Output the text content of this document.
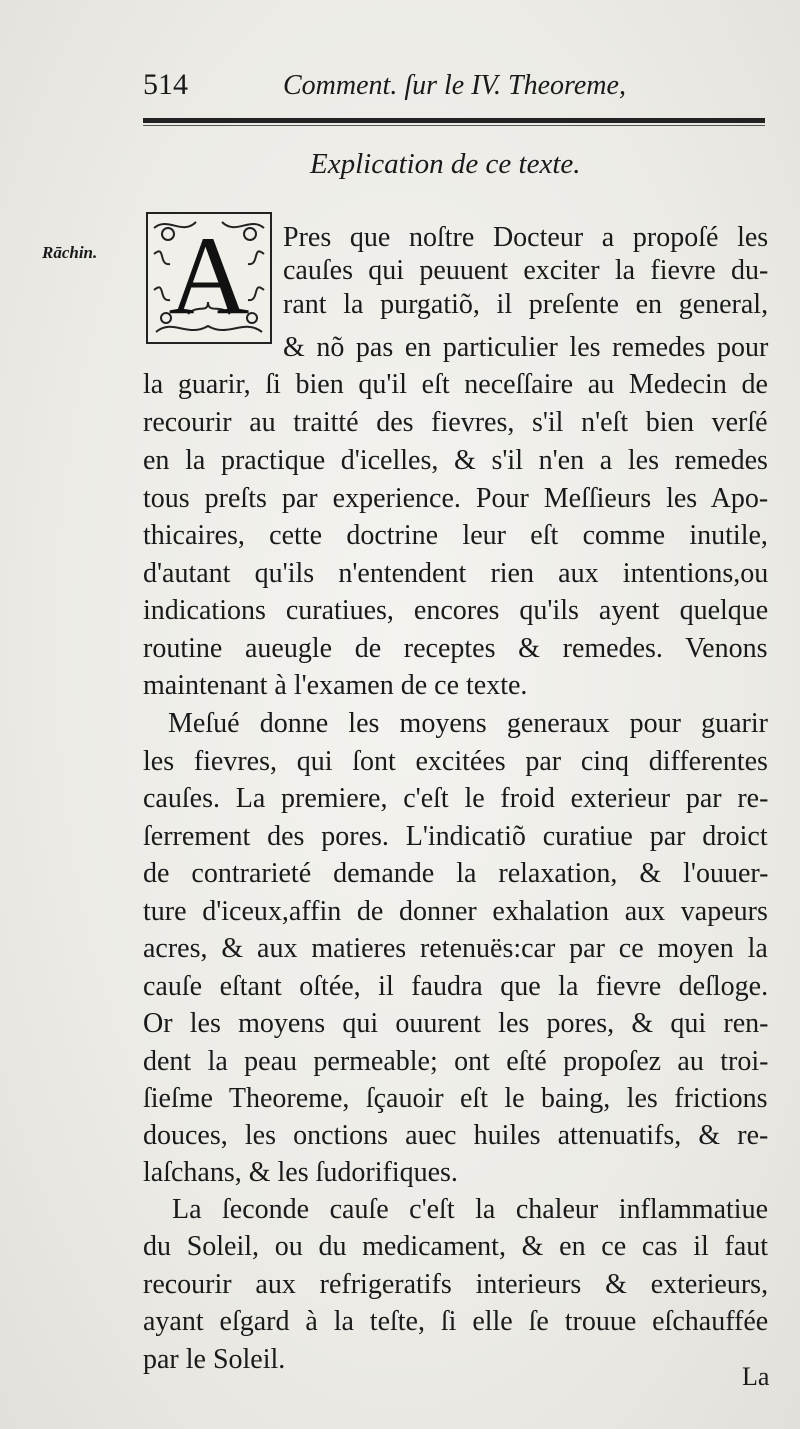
514	Comment. ſur le IV. Theoreme,
Explication de ce texte.
Rāchin. A	Pres que noſtre Docteur a propoſé les
cauſes qui peuuent exciter la fievre du-
rant la purgatiõ, il preſente en general,
& nõ pas en particulier les remedes pour
la guarir, ſi bien qu'il eſt neceſſaire au Medecin de
recourir au traitté des fievres, s'il n'eſt bien verſé
en la practique d'icelles, & s'il n'en a les remedes
tous preſts par experience. Pour Meſſieurs les Apo-
thicaires, cette doctrine leur eſt comme inutile,
d'autant qu'ils n'entendent rien aux intentions,ou
indications curatiues, encores qu'ils ayent quelque
routine aueugle de receptes & remedes. Venons
maintenant à l'examen de ce texte.
Meſué donne les moyens generaux pour guarir
les fievres, qui ſont excitées par cinq differentes
cauſes. La premiere, c'eſt le froid exterieur par re-
ſerrement des pores. L'indicatiõ curatiue par droict
de contrarieté demande la relaxation, & l'ouuer-
ture d'iceux,affin de donner exhalation aux vapeurs
acres, & aux matieres retenuës:car par ce moyen la
cauſe eſtant oſtée, il faudra que la fievre deſloge.
Or les moyens qui ouurent les pores, & qui ren-
dent la peau permeable; ont eſté propoſez au troi-
ſieſme Theoreme, ſçauoir eſt le baing, les frictions
douces, les onctions auec huiles attenuatifs, & re-
laſchans, & les ſudorifiques.
La ſeconde cauſe c'eſt la chaleur inflammatiue
du Soleil, ou du medicament, & en ce cas il faut
recourir aux refrigeratifs interieurs & exterieurs,
ayant eſgard à la teſte, ſi elle ſe trouue eſchauffée
par le Soleil.
La
